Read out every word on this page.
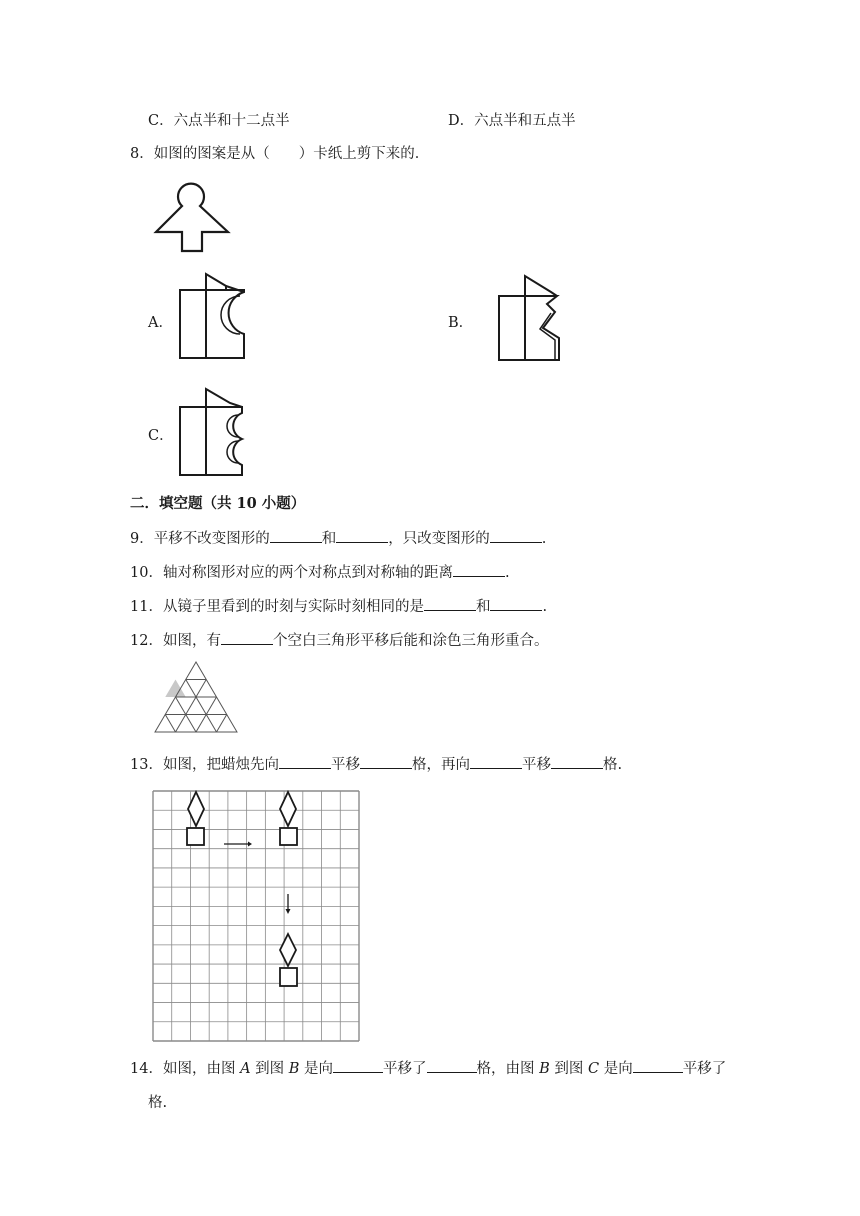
C．六点半和十二点半	D．六点半和五点半
8．如图的图案是从（　　）卡纸上剪下来的．
A．	B．
C．
二．填空题（共 10 小题）
9．平移不改变图形的	和	，只改变图形的	.
10．轴对称图形对应的两个对称点到对称轴的距离	.
11．从镜子里看到的时刻与实际时刻相同的是	和	.
12．如图，有	个空白三角形平移后能和涂色三角形重合。
13．如图，把蜡烛先向	平移	格，再向	平移	格.
14．如图，由图 A 到图 B 是向	平移了	格，由图 B 到图 C 是向	平移了
格.
